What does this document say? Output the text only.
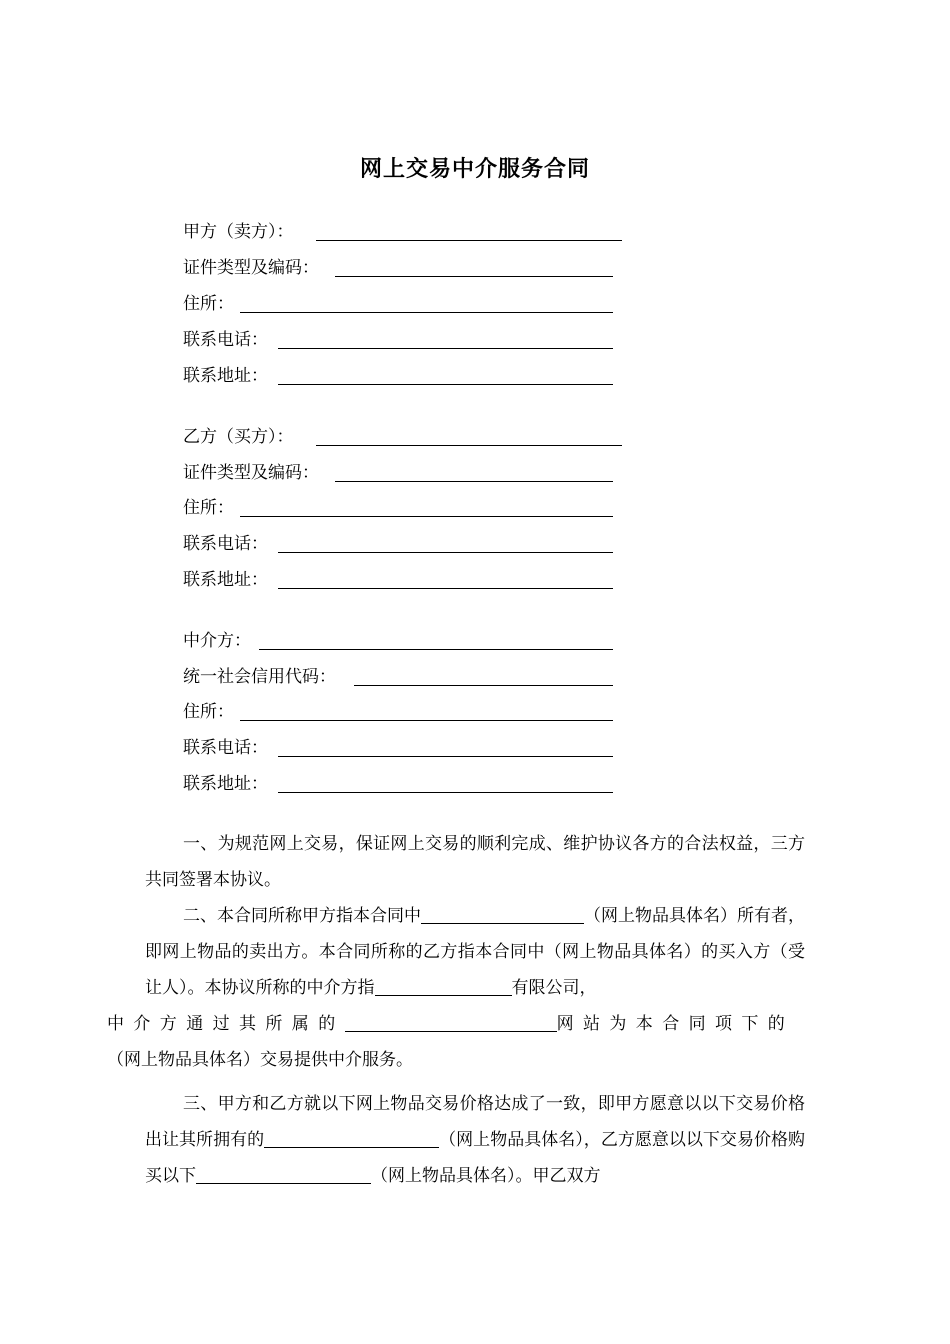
网上交易中介服务合同
甲方（卖方）：
证件类型及编码：
住所：
联系电话：
联系地址：
乙方（买方）：
证件类型及编码：
住所：
联系电话：
联系地址：
中介方：
统一社会信用代码：
住所：
联系电话：
联系地址：
一、为规范网上交易，保证网上交易的顺利完成、维护协议各方的合法权益，三方共同签署本协议。
二、本合同所称甲方指本合同中	（网上物品具体名）所有者，即网上物品的卖出方。本合同所称的乙方指本合同中（网上物品具体名）的买入方（受让人）。本协议所称的中介方指	有限公司，
中介方通过其所属的	网站为本合同项下的
（网上物品具体名）交易提供中介服务。
三、甲方和乙方就以下网上物品交易价格达成了一致，即甲方愿意以以下交易价格出让其所拥有的	（网上物品具体名），乙方愿意以以下交易价格购买以下	（网上物品具体名）。甲乙双方
